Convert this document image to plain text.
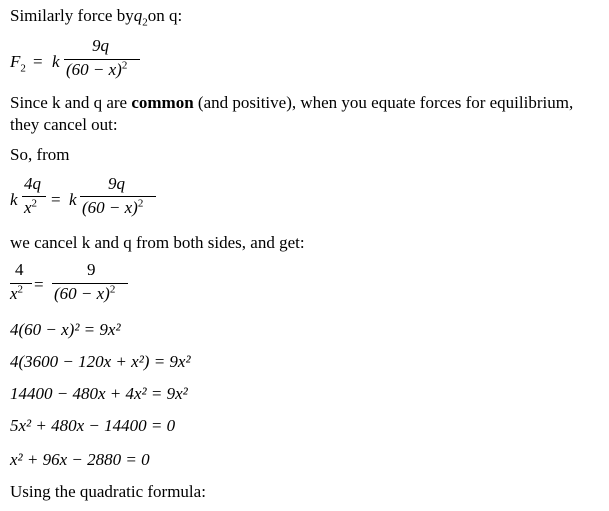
Similarly force byq$_2$on q:
$F_2 = k$
9q
$(60 - x)^2$
Since k and q are common (and positive), when you equate forces for equilibrium,
they cancel out:
So, from
k
4q
$x^2 = k$
9q
$(60 - x)^2$
we cancel k and q from both sides, and get:
4
$x^2$ =
9
$(60 - x)^2$
4(60 − x)² = 9x²
4(3600 − 120x + x²) = 9x²
14400 − 480x + 4x² = 9x²
5x² + 480x − 14400 = 0
x² + 96x − 2880 = 0
Using the quadratic formula:
